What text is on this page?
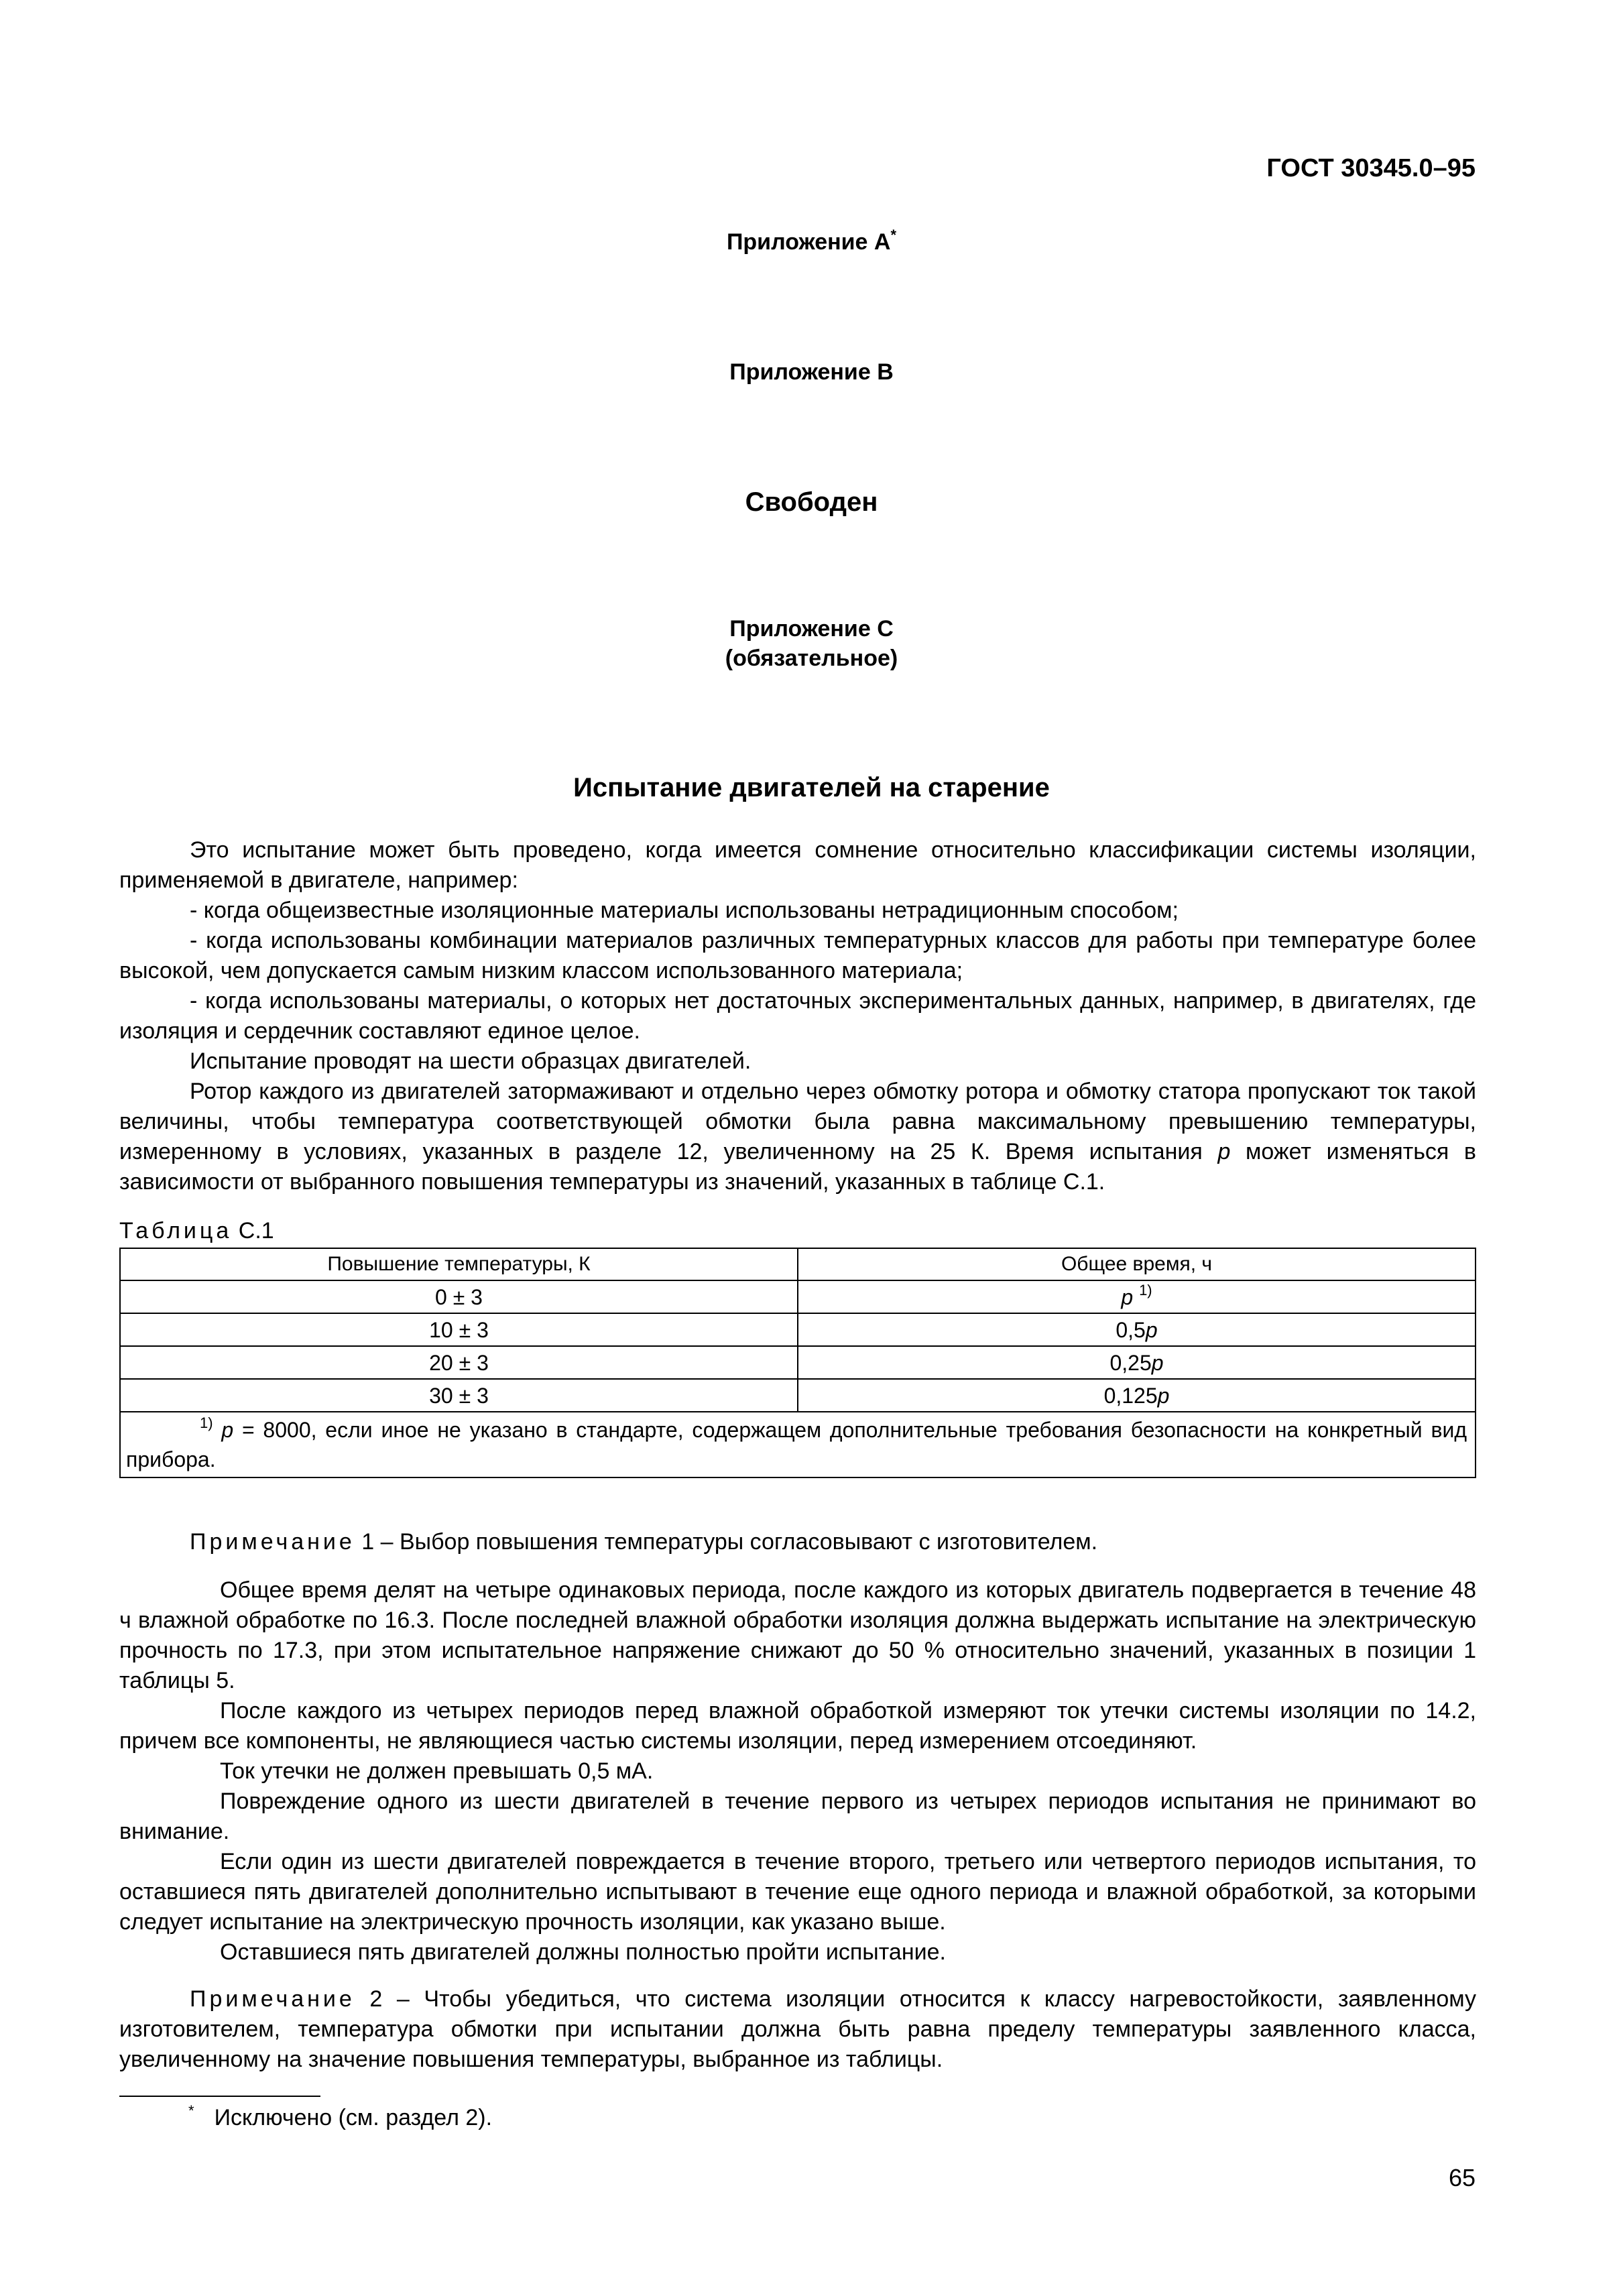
ГОСТ 30345.0–95
Приложение А*
Приложение В
Свободен
Приложение С
(обязательное)
Испытание двигателей на старение

Это испытание может быть проведено, когда имеется сомнение относительно классификации системы изоляции, применяемой в двигателе, например:

- когда общеизвестные изоляционные материалы использованы нетрадиционным способом;

- когда использованы комбинации материалов различных температурных классов для работы при температуре более высокой, чем допускается самым низким классом использованного материала;

- когда использованы материалы, о которых нет достаточных экспериментальных данных, например, в двигателях, где изоляция и сердечник составляют единое целое.

Испытание проводят на шести образцах двигателей.

Ротор каждого из двигателей затормаживают и отдельно через обмотку ротора и обмотку статора пропускают ток такой величины, чтобы температура соответствующей обмотки была равна максимальному превышению температуры, измеренному в условиях, указанных в разделе 12, увеличенному на 25 К. Время испытания p может изменяться в зависимости от выбранного повышения температуры из значений, указанных в таблице С.1.

Таблица С.1
Повышение температуры, К	Общее время, ч
0 ± 3	p $^{1)}$
10 ± 3	0,5p
20 ± 3	0,25p
30 ± 3	0,125p
$^{1)}$ p = 8000, если иное не указано в стандарте, содержащем дополнительные требования безопасности на конкретный вид прибора.	

Примечание 1 – Выбор повышения температуры согласовывают с изготовителем.

Общее время делят на четыре одинаковых периода, после каждого из которых двигатель подвергается в течение 48 ч влажной обработке по 16.3. После последней влажной обработки изоляция должна выдержать испытание на электрическую прочность по 17.3, при этом испытательное напряжение снижают до 50 % относительно значений, указанных в позиции 1 таблицы 5.

После каждого из четырех периодов перед влажной обработкой измеряют ток утечки системы изоляции по 14.2, причем все компоненты, не являющиеся частью системы изоляции, перед измерением отсоединяют.

Ток утечки не должен превышать 0,5 мА.

Повреждение одного из шести двигателей в течение первого из четырех периодов испытания не принимают во внимание.

Если один из шести двигателей повреждается в течение второго, третьего или четвертого периодов испытания, то оставшиеся пять двигателей дополнительно испытывают в течение еще одного периода и влажной обработкой, за которыми следует испытание на электрическую прочность изоляции, как указано выше.

Оставшиеся пять двигателей должны полностью пройти испытание.

Примечание 2 – Чтобы убедиться, что система изоляции относится к классу нагревостойкости, заявленному изготовителем, температура обмотки при испытании должна быть равна пределу температуры заявленного класса, увеличенному на значение повышения температуры, выбранное из таблицы.

* Исключено (см. раздел 2).
65
